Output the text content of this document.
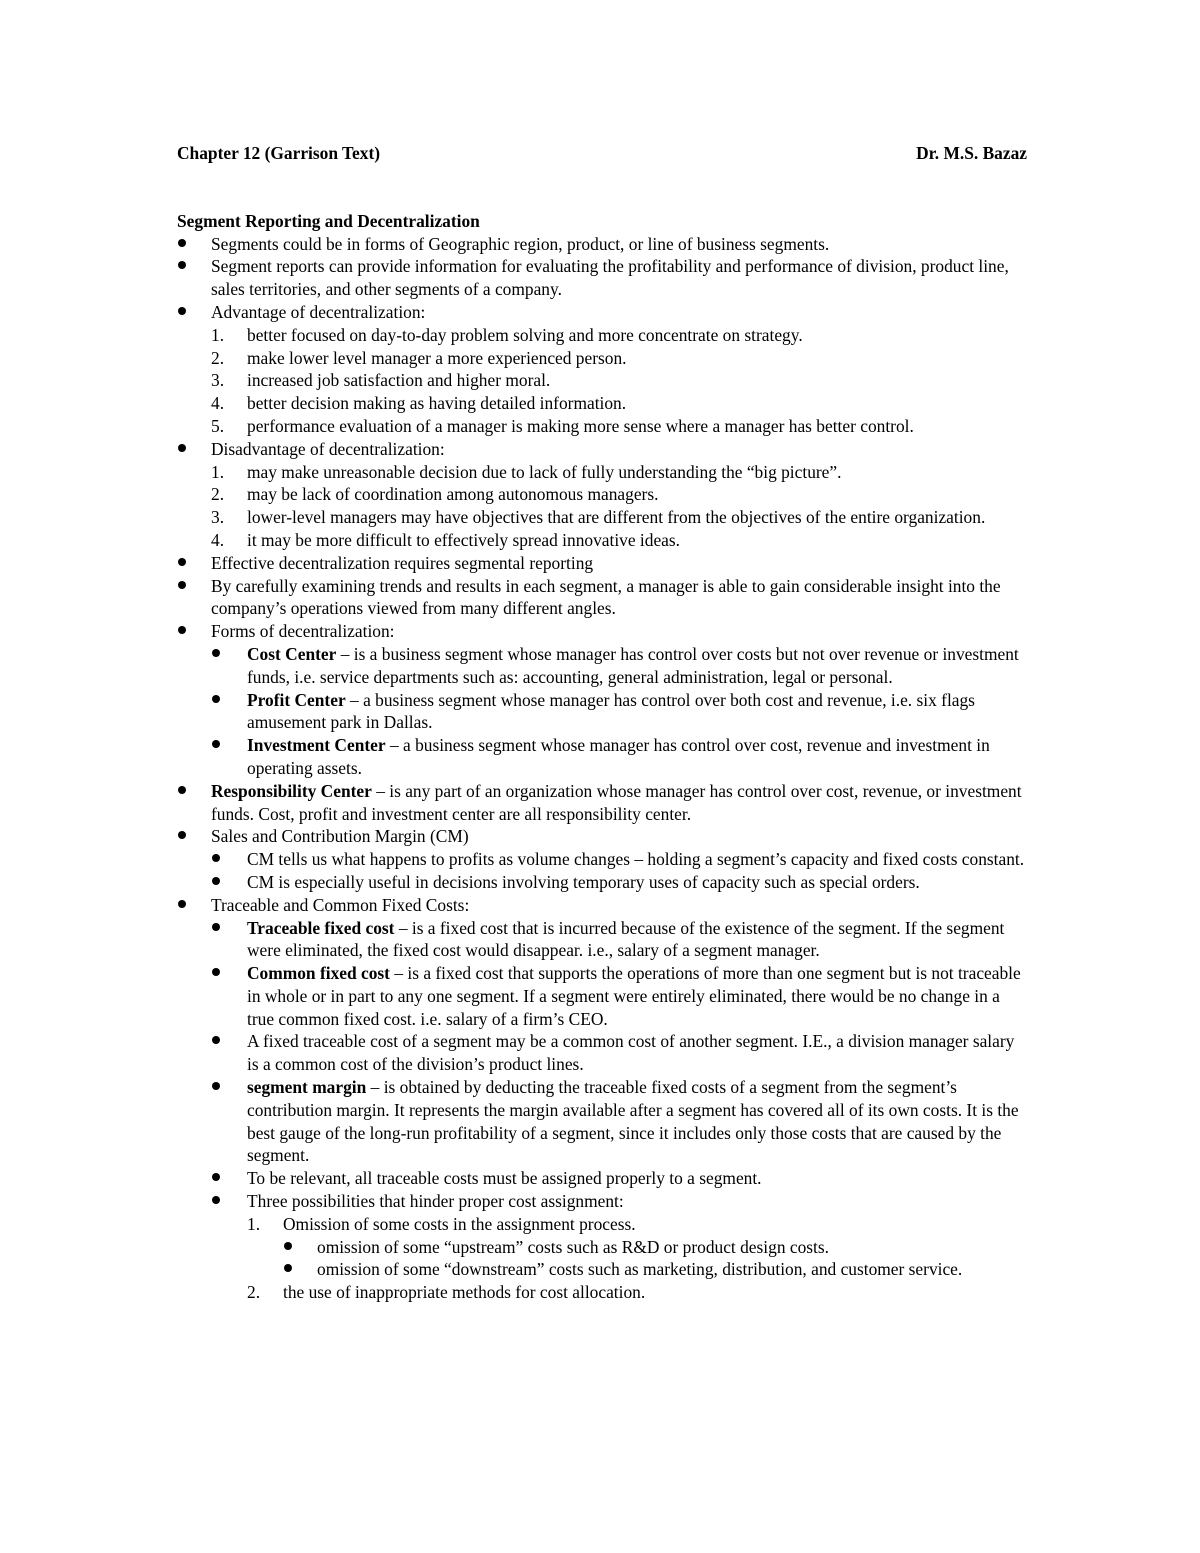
Chapter 12 (Garrison Text)	Dr. M.S. Bazaz
Segment Reporting and Decentralization
Segments could be in forms of Geographic region, product, or line of business segments.
Segment reports can provide information for evaluating the profitability and performance of division, product line, sales territories, and other segments of a company.
Advantage of decentralization:
1. better focused on day-to-day problem solving and more concentrate on strategy.
2. make lower level manager a more experienced person.
3. increased job satisfaction and higher moral.
4. better decision making as having detailed information.
5. performance evaluation of a manager is making more sense where a manager has better control.
Disadvantage of decentralization:
1. may make unreasonable decision due to lack of fully understanding the “big picture”.
2. may be lack of coordination among autonomous managers.
3. lower-level managers may have objectives that are different from the objectives of the entire organization.
4. it may be more difficult to effectively spread innovative ideas.
Effective decentralization requires segmental reporting
By carefully examining trends and results in each segment, a manager is able to gain considerable insight into the company’s operations viewed from many different angles.
Forms of decentralization:
Cost Center – is a business segment whose manager has control over costs but not over revenue or investment funds, i.e. service departments such as: accounting, general administration, legal or personal.
Profit Center – a business segment whose manager has control over both cost and revenue, i.e. six flags amusement park in Dallas.
Investment Center – a business segment whose manager has control over cost, revenue and investment in operating assets.
Responsibility Center – is any part of an organization whose manager has control over cost, revenue, or investment funds. Cost, profit and investment center are all responsibility center.
Sales and Contribution Margin (CM)
CM tells us what happens to profits as volume changes – holding a segment’s capacity and fixed costs constant.
CM is especially useful in decisions involving temporary uses of capacity such as special orders.
Traceable and Common Fixed Costs:
Traceable fixed cost – is a fixed cost that is incurred because of the existence of the segment. If the segment were eliminated, the fixed cost would disappear. i.e., salary of a segment manager.
Common fixed cost – is a fixed cost that supports the operations of more than one segment but is not traceable in whole or in part to any one segment. If a segment were entirely eliminated, there would be no change in a true common fixed cost. i.e. salary of a firm’s CEO.
A fixed traceable cost of a segment may be a common cost of another segment. I.E., a division manager salary is a common cost of the division’s product lines.
segment margin – is obtained by deducting the traceable fixed costs of a segment from the segment’s contribution margin. It represents the margin available after a segment has covered all of its own costs. It is the best gauge of the long-run profitability of a segment, since it includes only those costs that are caused by the segment.
To be relevant, all traceable costs must be assigned properly to a segment.
Three possibilities that hinder proper cost assignment:
1. Omission of some costs in the assignment process.
omission of some “upstream” costs such as R&D or product design costs.
omission of some “downstream” costs such as marketing, distribution, and customer service.
2. the use of inappropriate methods for cost allocation.
